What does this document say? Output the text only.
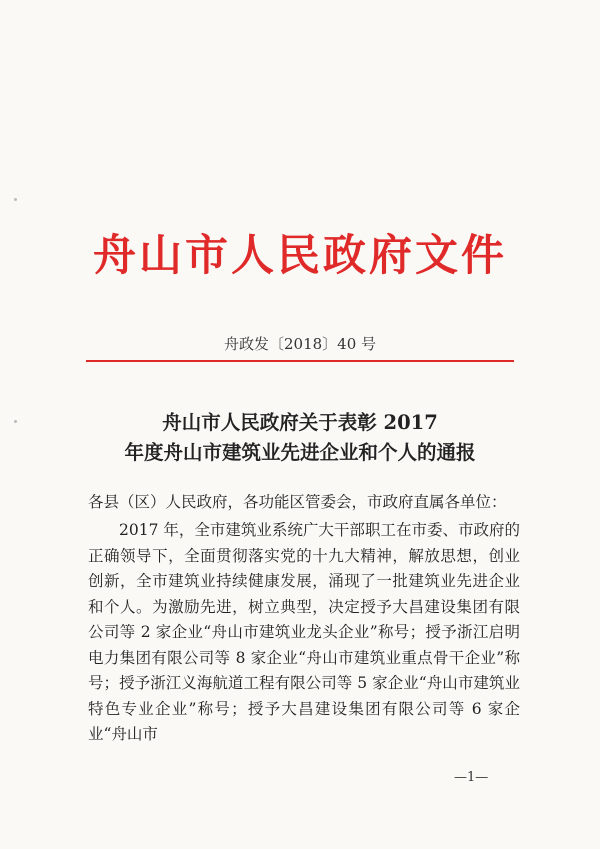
舟山市人民政府文件
舟政发〔2018〕40 号
舟山市人民政府关于表彰 2017
年度舟山市建筑业先进企业和个人的通报
各县（区）人民政府，各功能区管委会，市政府直属各单位：
2017 年，全市建筑业系统广大干部职工在市委、市政府的正确领导下，全面贯彻落实党的十九大精神，解放思想，创业创新，全市建筑业持续健康发展，涌现了一批建筑业先进企业和个人。为激励先进，树立典型，决定授予大昌建设集团有限公司等 2 家企业“舟山市建筑业龙头企业”称号；授予浙江启明电力集团有限公司等 8 家企业“舟山市建筑业重点骨干企业”称号；授予浙江义海航道工程有限公司等 5 家企业“舟山市建筑业特色专业企业”称号；授予大昌建设集团有限公司等 6 家企业“舟山市
—1—
